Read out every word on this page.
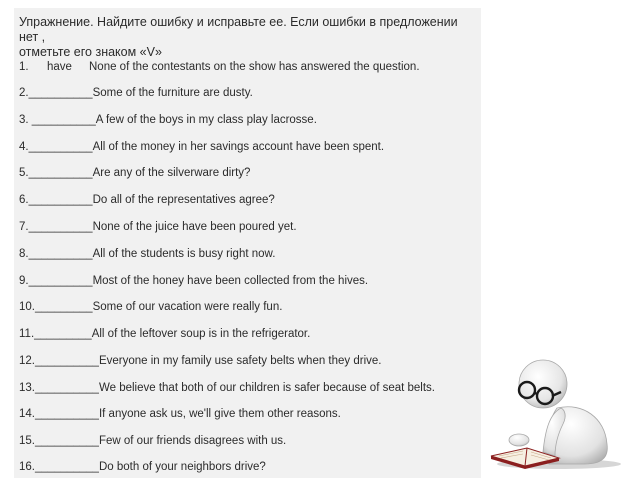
Упражнение. Найдите ошибку и исправьте ее. Если ошибки в предложении нет ,
отметьте его знаком «V»
1.	have	None of the contestants on the show has answered the question.
2. __________ Some of the furniture are dusty.
3. __________ A few of the boys in my class play lacrosse.
4. __________ All of the money in her savings account have been spent.
5. __________ Are any of the silverware dirty?
6. __________ Do all of the representatives agree?
7. __________ None of the juice have been poured yet.
8. __________ All of the students is busy right now.
9. __________ Most of the honey have been collected from the hives.
10. _________ Some of our vacation were really fun.
11. _________ All of the leftover soup is in the refrigerator.
12. __________ Everyone in my family use safety belts when they drive.
13. __________ We believe that both of our children is safer because of seat belts.
14. __________ If anyone ask us, we'll give them other reasons.
15. __________ Few of our friends disagrees with us.
16. __________ Do both of your neighbors drive?
